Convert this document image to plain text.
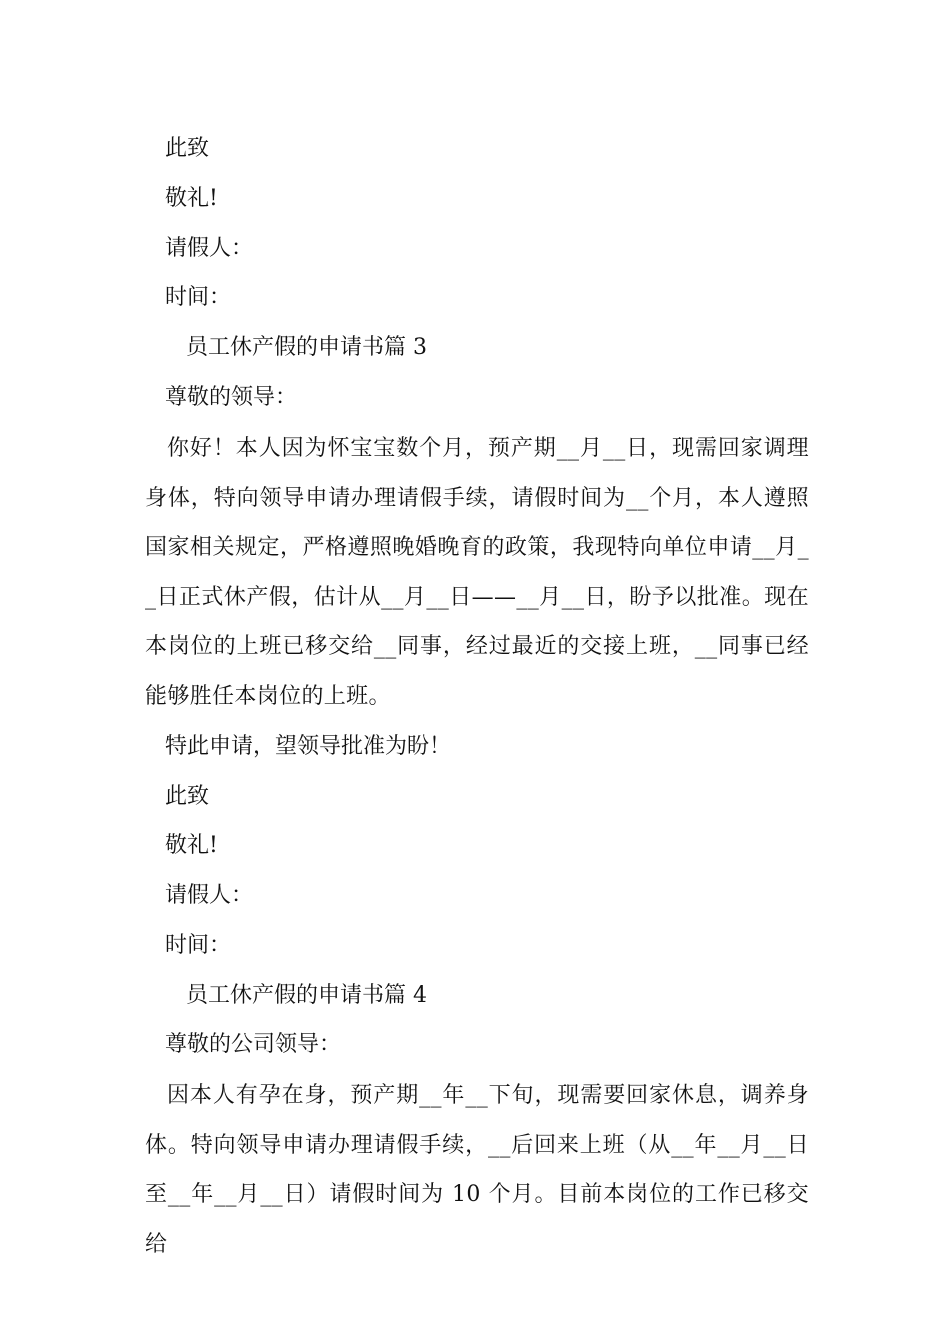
此致
敬礼!
请假人：
时间：
员工休产假的申请书篇 3
尊敬的领导：
你好！本人因为怀宝宝数个月，预产期__月__日，现需回家调理身体，特向领导申请办理请假手续，请假时间为__个月，本人遵照国家相关规定，严格遵照晚婚晚育的政策，我现特向单位申请__月__日正式休产假，估计从__月__日——__月__日，盼予以批准。现在本岗位的上班已移交给__同事，经过最近的交接上班，__同事已经能够胜任本岗位的上班。
特此申请，望领导批准为盼！
此致
敬礼!
请假人：
时间：
员工休产假的申请书篇 4
尊敬的公司领导：
因本人有孕在身，预产期__年__下旬，现需要回家休息，调养身体。特向领导申请办理请假手续，__后回来上班（从__年__月__日至__年__月__日）请假时间为 10 个月。目前本岗位的工作已移交给
